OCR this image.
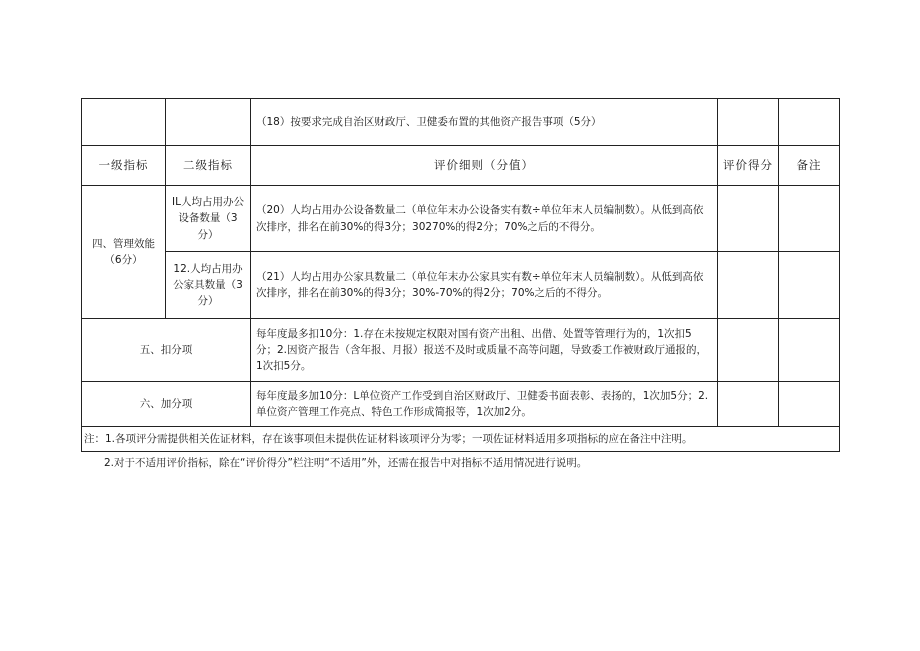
		（18）按要求完成自治区财政厅、卫健委布置的其他资产报告事项（5分）		
一级指标	二级指标	评价细则（分值）	评价得分	备注
四、管理效能（6分）	IL人均占用办公设备数量（3分）	（20）人均占用办公设备数量二（单位年末办公设备实有数÷单位年末人员编制数）。从低到高依次排序，排名在前30%的得3分；30270%的得2分；70%之后的不得分。		
	12.人均占用办公家具数量（3分）	（21）人均占用办公家具数量二（单位年末办公家具实有数÷单位年末人员编制数）。从低到高依次排序，排名在前30%的得3分；30%-70%的得2分；70%之后的不得分。		
五、扣分项		每年度最多扣10分：1.存在未按规定权限对国有资产出租、出借、处置等管理行为的，1次扣5分；2.因资产报告（含年报、月报）报送不及时或质量不高等问题，导致委工作被财政厅通报的，1次扣5分。		
六、加分项		每年度最多加10分：L单位资产工作受到自治区财政厅、卫健委书面表彰、表扬的，1次加5分；2.单位资产管理工作亮点、特色工作形成简报等，1次加2分。		
注：1.各项评分需提供相关佐证材料，存在该事项但未提供佐证材料该项评分为零；一项佐证材料适用多项指标的应在备注中注明。				
2.对于不适用评价指标，除在“评价得分”栏注明“不适用”外，还需在报告中对指标不适用情况进行说明。
